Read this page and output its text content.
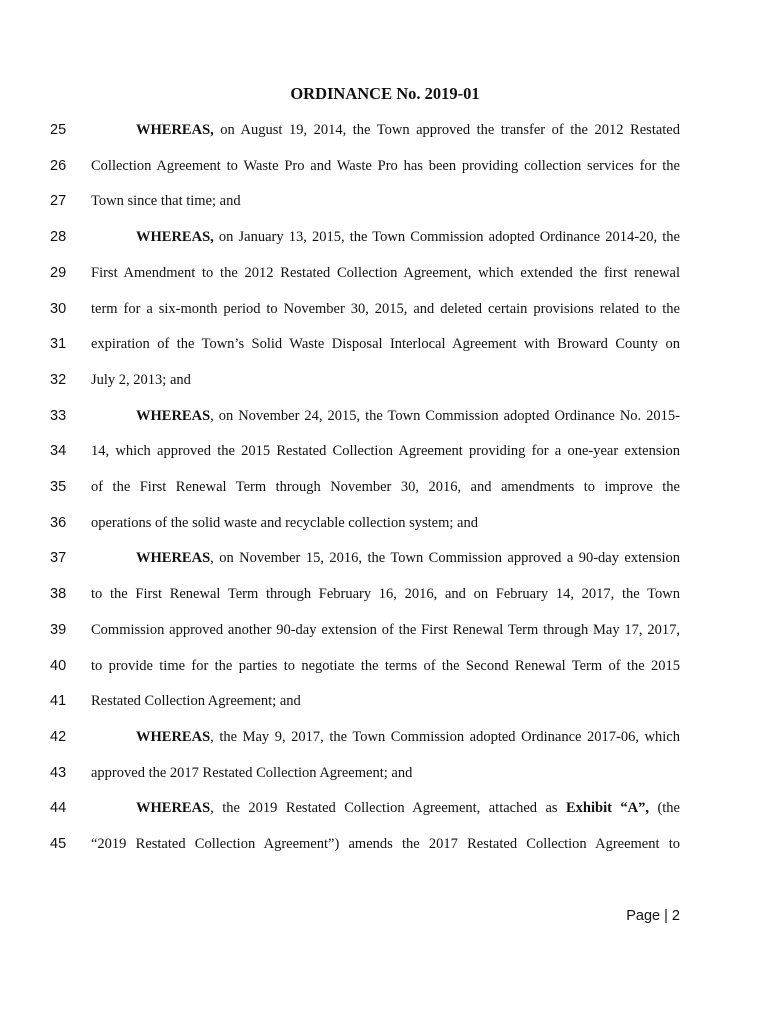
ORDINANCE No. 2019-01
25	WHEREAS, on August 19, 2014, the Town approved the transfer of the 2012 Restated
26 Collection Agreement to Waste Pro and Waste Pro has been providing collection services for the
27 Town since that time; and
28	WHEREAS, on January 13, 2015, the Town Commission adopted Ordinance 2014-20, the
29 First Amendment to the 2012 Restated Collection Agreement, which extended the first renewal
30 term for a six-month period to November 30, 2015, and deleted certain provisions related to the
31 expiration of the Town’s Solid Waste Disposal Interlocal Agreement with Broward County on
32 July 2, 2013; and
33	WHEREAS, on November 24, 2015, the Town Commission adopted Ordinance No. 2015-
34 14, which approved the 2015 Restated Collection Agreement providing for a one-year extension
35 of the First Renewal Term through November 30, 2016, and amendments to improve the
36 operations of the solid waste and recyclable collection system; and
37	WHEREAS, on November 15, 2016, the Town Commission approved a 90-day extension
38 to the First Renewal Term through February 16, 2016, and on February 14, 2017, the Town
39 Commission approved another 90-day extension of the First Renewal Term through May 17, 2017,
40 to provide time for the parties to negotiate the terms of the Second Renewal Term of the 2015
41 Restated Collection Agreement; and
42	WHEREAS, the May 9, 2017, the Town Commission adopted Ordinance 2017-06, which
43 approved the 2017 Restated Collection Agreement; and
44	WHEREAS, the 2019 Restated Collection Agreement, attached as Exhibit “A”, (the
45 “2019 Restated Collection Agreement”) amends the 2017 Restated Collection Agreement to
Page | 2
